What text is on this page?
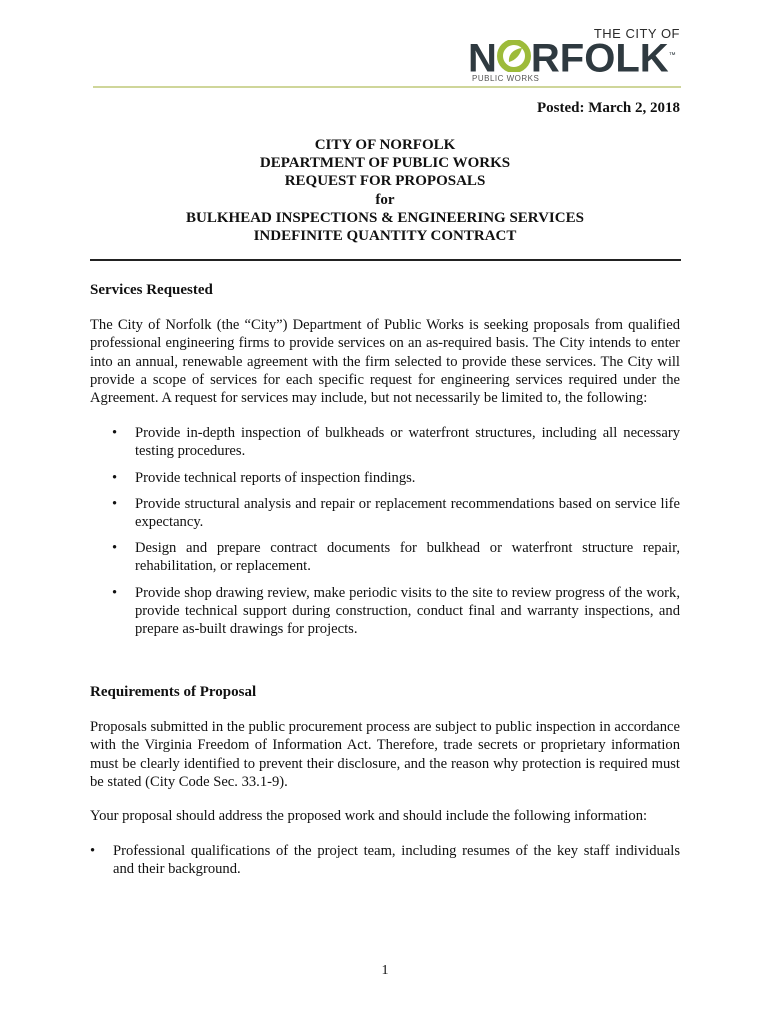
THE CITY OF
N RFOLK™
PUBLIC WORKS
Posted: March 2, 2018
CITY OF NORFOLK
DEPARTMENT OF PUBLIC WORKS
REQUEST FOR PROPOSALS
for
BULKHEAD INSPECTIONS & ENGINEERING SERVICES
INDEFINITE QUANTITY CONTRACT
Services Requested

The City of Norfolk (the “City”) Department of Public Works is seeking proposals from qualified professional engineering firms to provide services on an as-required basis. The City intends to enter into an annual, renewable agreement with the firm selected to provide these services. The City will provide a scope of services for each specific request for engineering services required under the Agreement. A request for services may include, but not necessarily be limited to, the following:

• Provide in-depth inspection of bulkheads or waterfront structures, including all necessary testing procedures.
• Provide technical reports of inspection findings.
• Provide structural analysis and repair or replacement recommendations based on service life expectancy.
• Design and prepare contract documents for bulkhead or waterfront structure repair, rehabilitation, or replacement.
• Provide shop drawing review, make periodic visits to the site to review progress of the work, provide technical support during construction, conduct final and warranty inspections, and prepare as-built drawings for projects.
Requirements of Proposal

Proposals submitted in the public procurement process are subject to public inspection in accordance with the Virginia Freedom of Information Act. Therefore, trade secrets or proprietary information must be clearly identified to prevent their disclosure, and the reason why protection is required must be stated (City Code Sec. 33.1-9).

Your proposal should address the proposed work and should include the following information:

• Professional qualifications of the project team, including resumes of the key staff individuals and their background.
1
